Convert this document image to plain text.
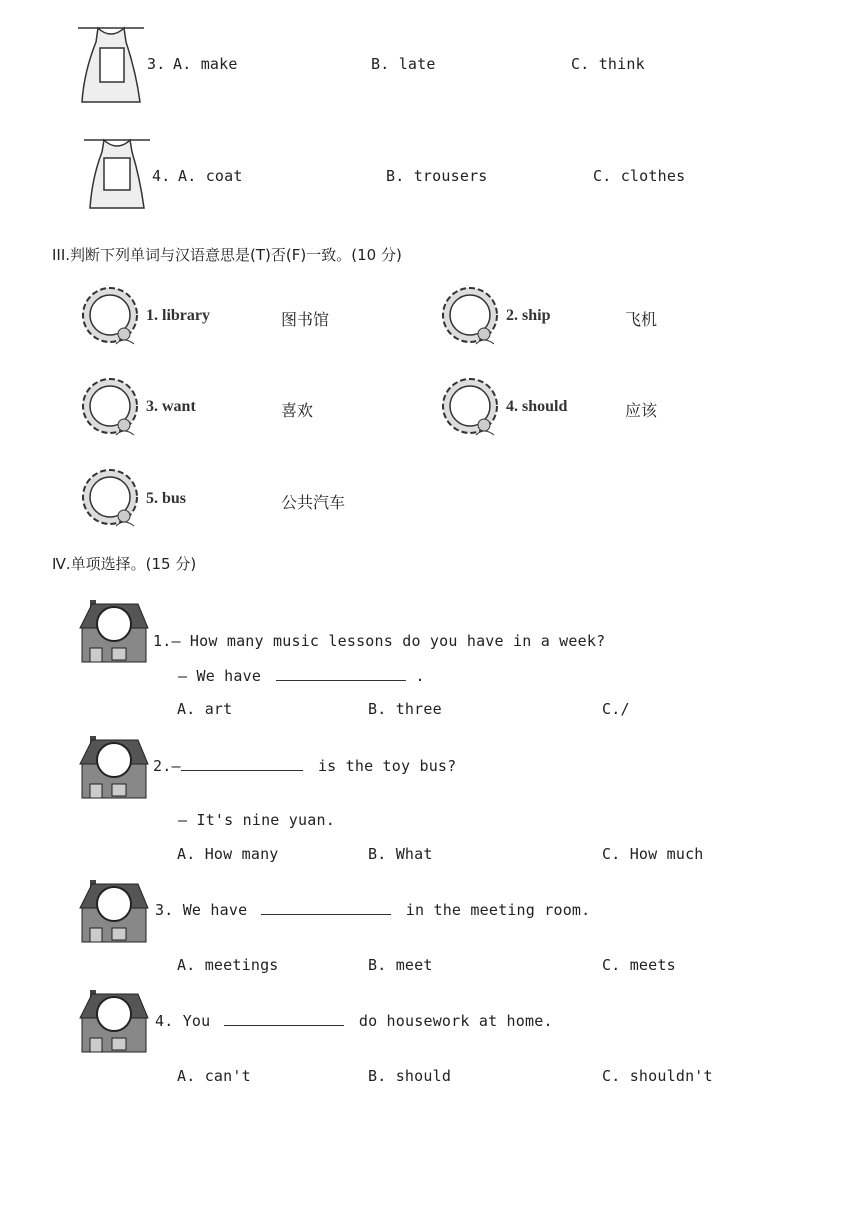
3. A. make	B. late	C. think
4. A. coat	B. trousers	C. clothes
III.判断下列单词与汉语意思是(T)否(F)一致。(10 分)
1. library	图书馆	2. ship	飞机
3. want	喜欢	4. should	应该
5. bus	公共汽车
Ⅳ.单项选择。(15 分)
1.— How many music lessons do you have in a week?
— We have	.
A. art	B. three	C./
2.—	is the toy bus?
— It's nine yuan.
A. How many	B. What	C. How much
3. We have	in the meeting room.
A. meetings	B. meet	C. meets
4. You	do housework at home.
A. can't	B. should	C. shouldn't
